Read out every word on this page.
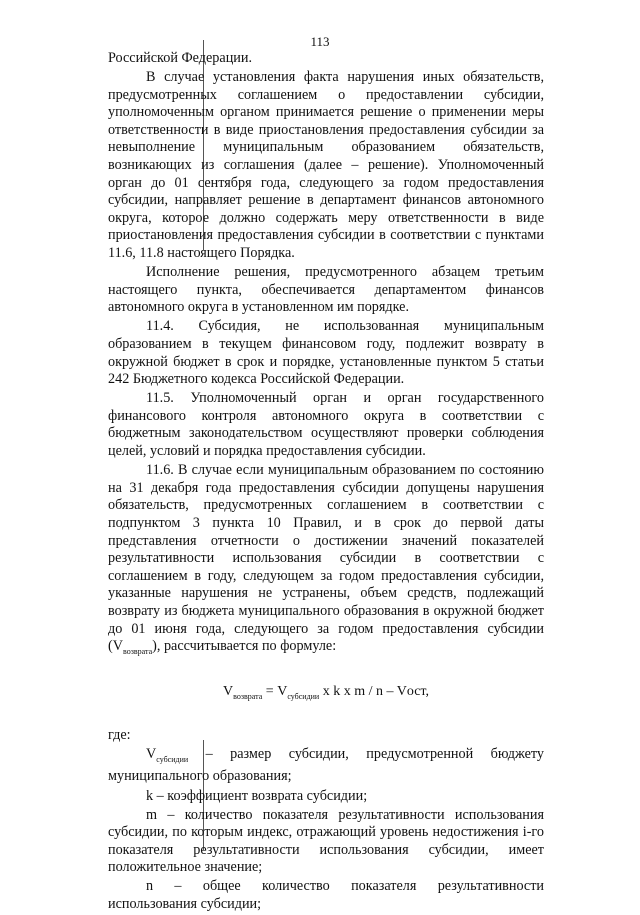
113

Российской Федерации.

В случае установления факта нарушения иных обязательств, предусмотренных соглашением о предоставлении субсидии, уполномоченным органом принимается решение о применении меры ответственности в виде приостановления предоставления субсидии за невыполнение муниципальным образованием обязательств, возникающих из соглашения (далее – решение). Уполномоченный орган до 01 сентября года, следующего за годом предоставления субсидии, направляет решение в департамент финансов автономного округа, которое должно содержать меру ответственности в виде приостановления предоставления субсидии в соответствии с пунктами 11.6, 11.8 настоящего Порядка.

Исполнение решения, предусмотренного абзацем третьим настоящего пункта, обеспечивается департаментом финансов автономного округа в установленном им порядке.

11.4. Субсидия, не использованная муниципальным образованием в текущем финансовом году, подлежит возврату в окружной бюджет в срок и порядке, установленные пунктом 5 статьи 242 Бюджетного кодекса Российской Федерации.

11.5. Уполномоченный орган и орган государственного финансового контроля автономного округа в соответствии с бюджетным законодательством осуществляют проверки соблюдения целей, условий и порядка предоставления субсидии.

11.6. В случае если муниципальным образованием по состоянию на 31 декабря года предоставления субсидии допущены нарушения обязательств, предусмотренных соглашением в соответствии с подпунктом 3 пункта 10 Правил, и в срок до первой даты представления отчетности о достижении значений показателей результативности использования субсидии в соответствии с соглашением в году, следующем за годом предоставления субсидии, указанные нарушения не устранены, объем средств, подлежащий возврату из бюджета муниципального образования в окружной бюджет до 01 июня года, следующего за годом предоставления субсидии $(V_{возврата})$, рассчитывается по формуле:

$V_{возврата} = V_{субсидии}$ x k x m / n – Vост,

где:

$V_{субсидии}$ – размер субсидии, предусмотренной бюджету муниципального образования;

k – коэффициент возврата субсидии;

m – количество показателя результативности использования субсидии, по которым индекс, отражающий уровень недостижения i-го показателя результативности использования субсидии, имеет положительное значение;

n – общее количество показателя результативности использования субсидии;
